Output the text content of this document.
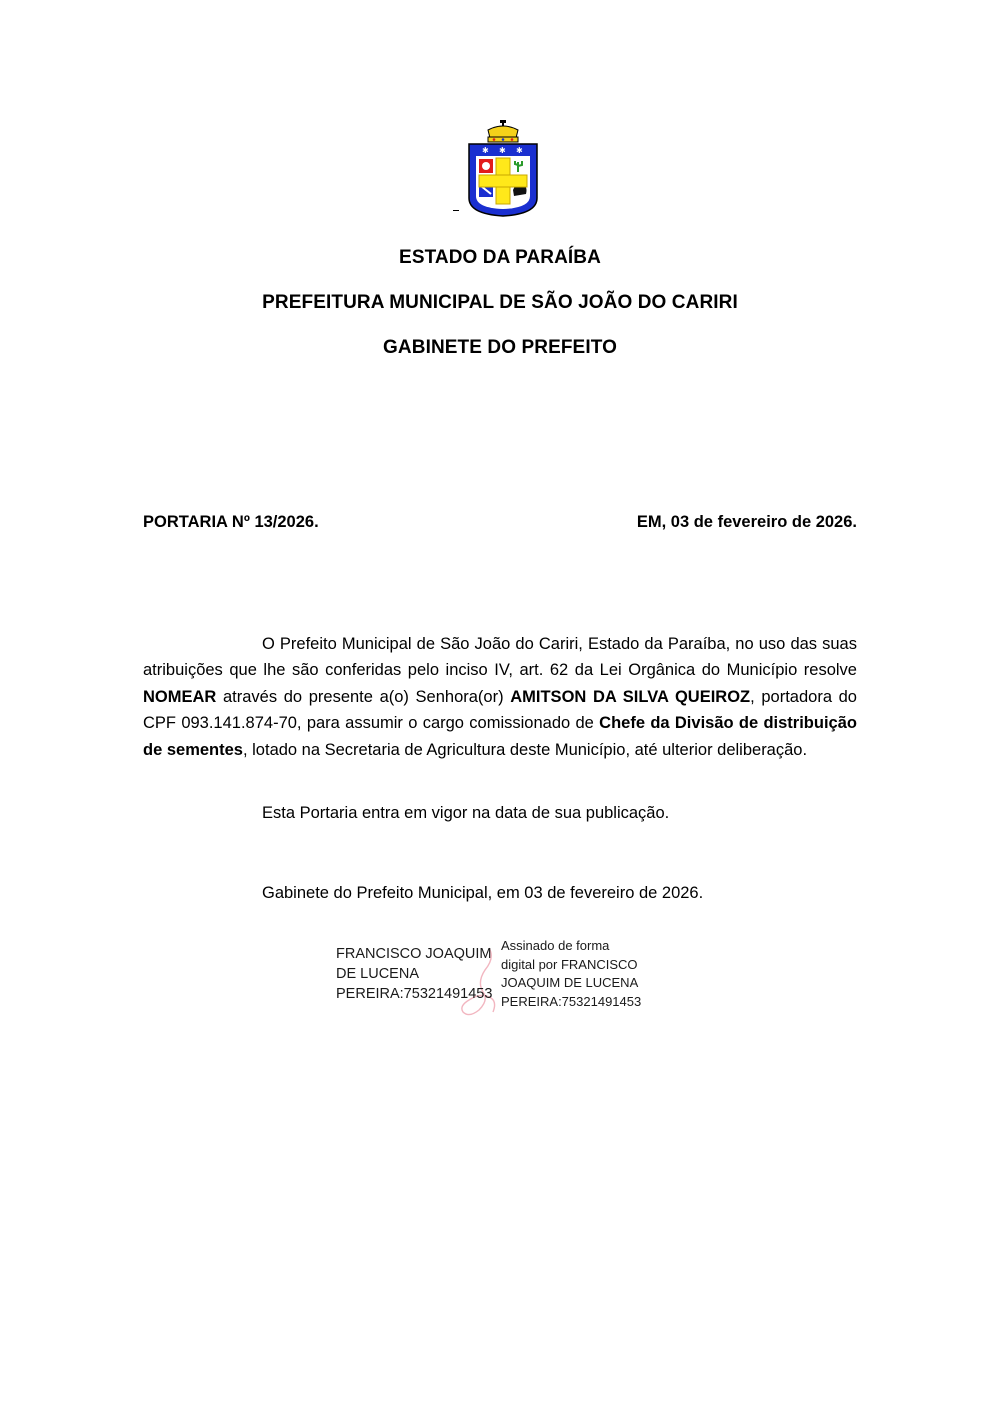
✱ ✱ ✱
ESTADO DA PARAÍBA
PREFEITURA MUNICIPAL DE SÃO JOÃO DO CARIRI
GABINETE DO PREFEITO
PORTARIA Nº 13/2026.	EM, 03 de fevereiro de 2026.
O Prefeito Municipal de São João do Cariri, Estado da Paraíba, no uso das suas atribuições que lhe são conferidas pelo inciso IV, art. 62 da Lei Orgânica do Município resolve NOMEAR através do presente a(o) Senhora(or) AMITSON DA SILVA QUEIROZ, portadora do CPF 093.141.874-70, para assumir o cargo comissionado de Chefe da Divisão de distribuição de sementes, lotado na Secretaria de Agricultura deste Município, até ulterior deliberação.
Esta Portaria entra em vigor na data de sua publicação.
Gabinete do Prefeito Municipal, em 03 de fevereiro de 2026.
FRANCISCO JOAQUIM
DE LUCENA
PEREIRA:75321491453
Assinado de forma
digital por FRANCISCO
JOAQUIM DE LUCENA
PEREIRA:75321491453
